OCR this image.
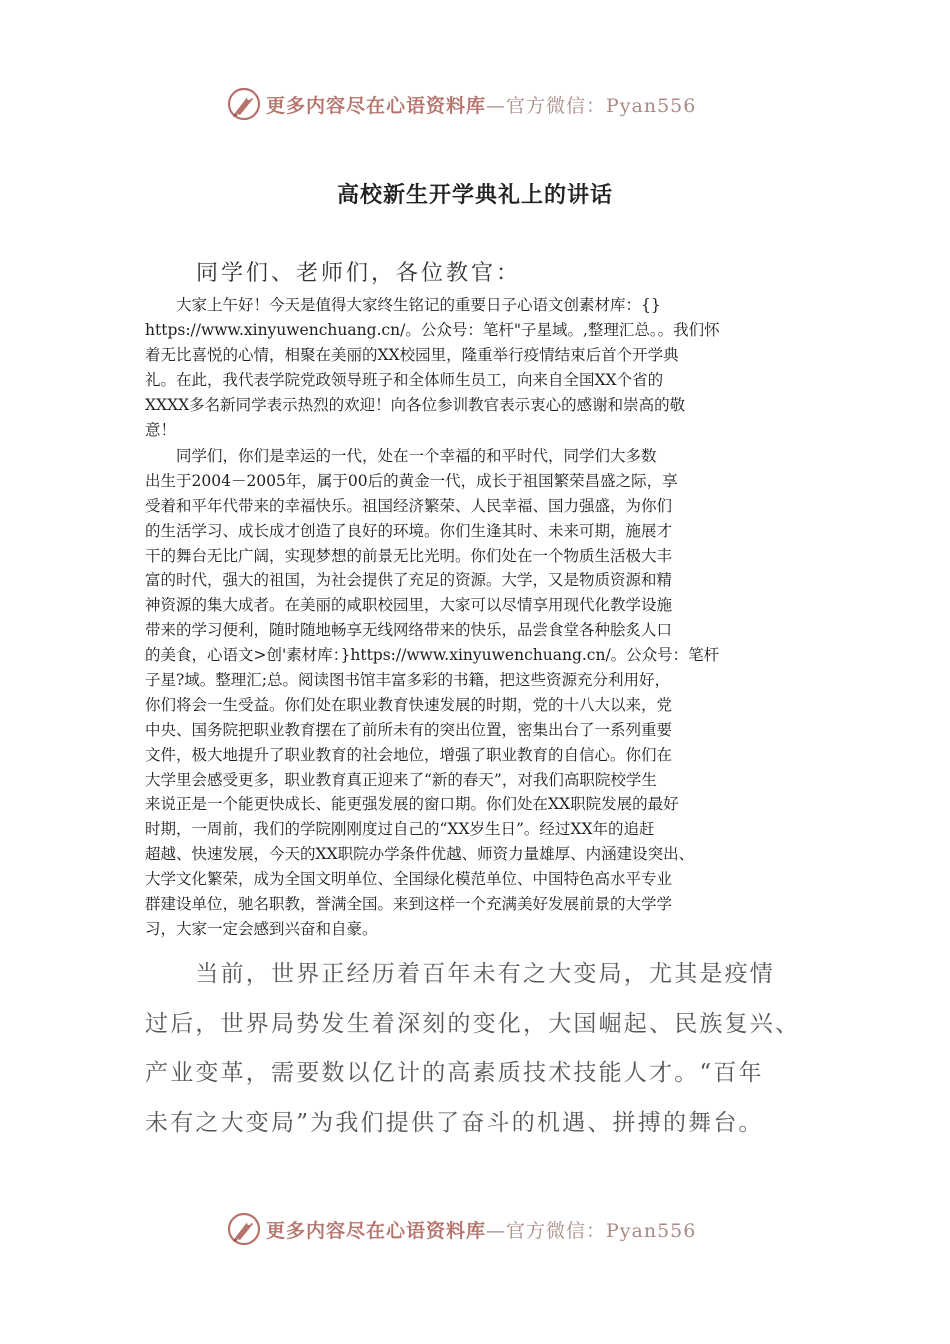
更多内容尽在心语资料库 —官方微信：Pyan556
高校新生开学典礼上的讲话
同学们、老师们，各位教官：
　　大家上午好！今天是值得大家终生铭记的重要日子心语文创素材库：{}
https://www.xinyuwenchuang.cn/。公众号：笔杆"子星域。,整理汇总。。我们怀
着无比喜悦的心情，相聚在美丽的XX校园里，隆重举行疫情结束后首个开学典
礼。在此，我代表学院党政领导班子和全体师生员工，向来自全国XX个省的
XXXX多名新同学表示热烈的欢迎！向各位参训教官表示衷心的感谢和崇高的敬
意！
　　同学们，你们是幸运的一代，处在一个幸福的和平时代，同学们大多数
出生于2004－2005年，属于00后的黄金一代，成长于祖国繁荣昌盛之际，享
受着和平年代带来的幸福快乐。祖国经济繁荣、人民幸福、国力强盛，为你们
的生活学习、成长成才创造了良好的环境。你们生逢其时、未来可期，施展才
干的舞台无比广阔，实现梦想的前景无比光明。你们处在一个物质生活极大丰
富的时代，强大的祖国，为社会提供了充足的资源。大学，又是物质资源和精
神资源的集大成者。在美丽的咸职校园里，大家可以尽情享用现代化教学设施
带来的学习便利，随时随地畅享无线网络带来的快乐，品尝食堂各种脍炙人口
的美食，心语文>创'素材库：}https://www.xinyuwenchuang.cn/。公众号：笔杆
子星?域。整理汇;总。阅读图书馆丰富多彩的书籍，把这些资源充分利用好，
你们将会一生受益。你们处在职业教育快速发展的时期，党的十八大以来，党
中央、国务院把职业教育摆在了前所未有的突出位置，密集出台了一系列重要
文件，极大地提升了职业教育的社会地位，增强了职业教育的自信心。你们在
大学里会感受更多，职业教育真正迎来了“新的春天”，对我们高职院校学生
来说正是一个能更快成长、能更强发展的窗口期。你们处在XX职院发展的最好
时期，一周前，我们的学院刚刚度过自己的“XX岁生日”。经过XX年的追赶
超越、快速发展，今天的XX职院办学条件优越、师资力量雄厚、内涵建设突出、
大学文化繁荣，成为全国文明单位、全国绿化模范单位、中国特色高水平专业
群建设单位，驰名职教，誉满全国。来到这样一个充满美好发展前景的大学学
习，大家一定会感到兴奋和自豪。
　　当前，世界正经历着百年未有之大变局，尤其是疫情
过后，世界局势发生着深刻的变化，大国崛起、民族复兴、
产业变革，需要数以亿计的高素质技术技能人才。“百年
未有之大变局”为我们提供了奋斗的机遇、拼搏的舞台。
更多内容尽在心语资料库 —官方微信：Pyan556
